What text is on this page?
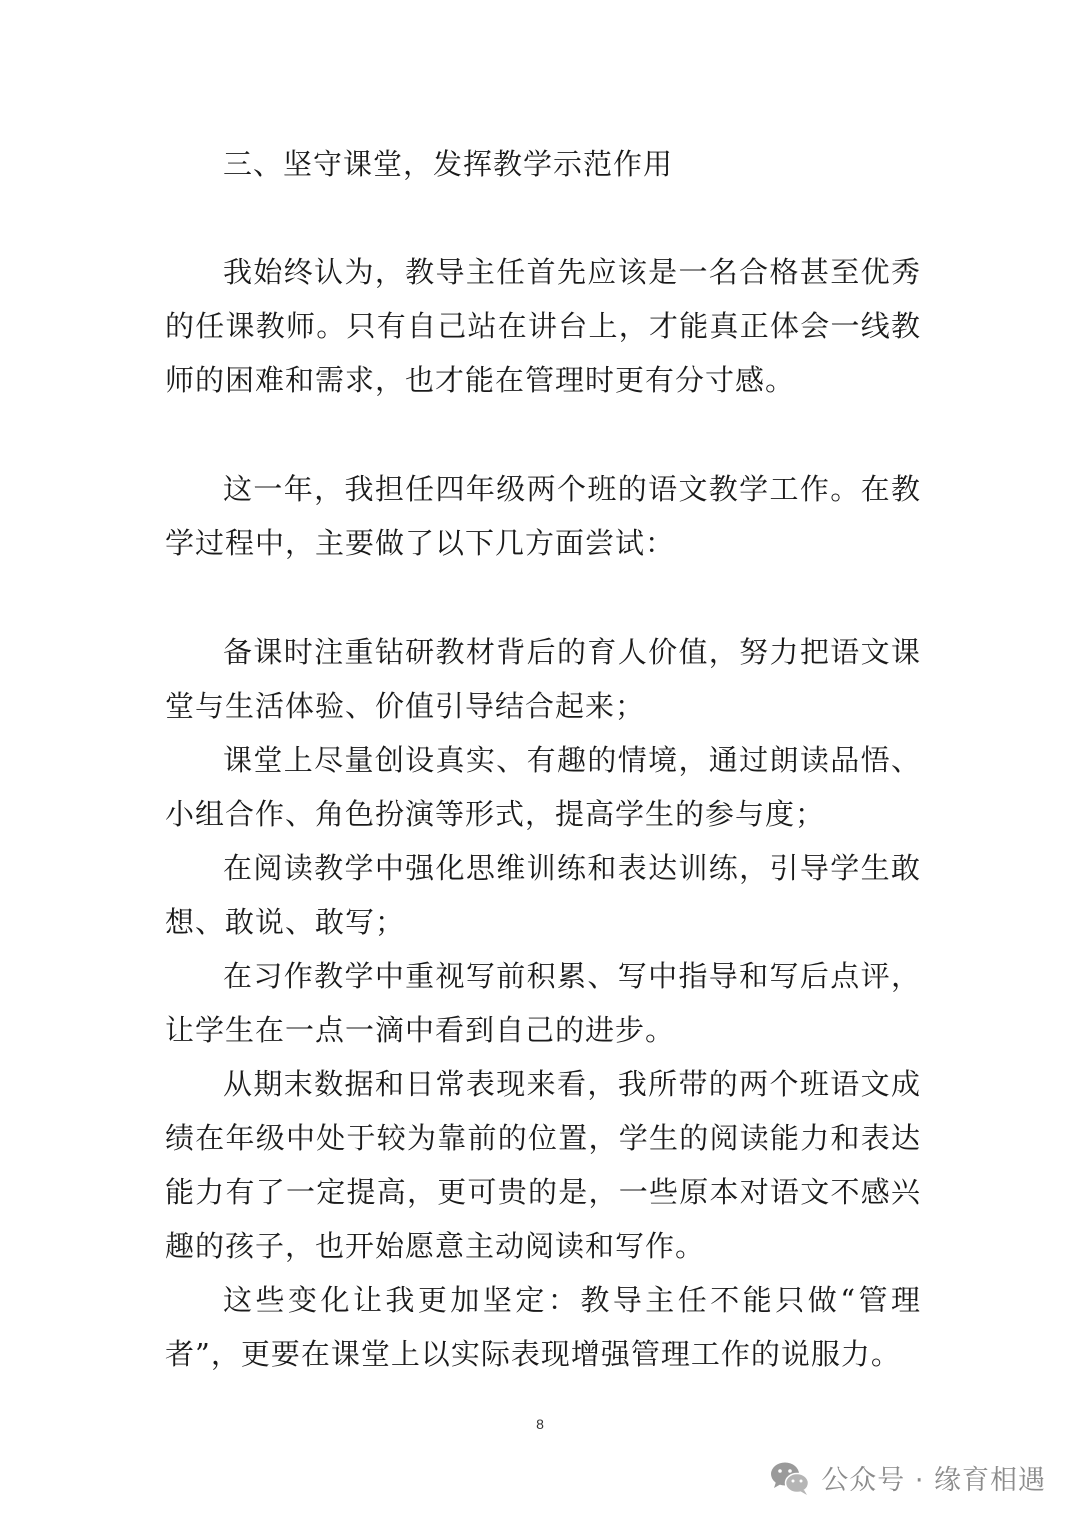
三、坚守课堂，发挥教学示范作用

我始终认为，教导主任首先应该是一名合格甚至优秀的任课教师。只有自己站在讲台上，才能真正体会一线教师的困难和需求，也才能在管理时更有分寸感。

这一年，我担任四年级两个班的语文教学工作。在教学过程中，主要做了以下几方面尝试：

备课时注重钻研教材背后的育人价值，努力把语文课堂与生活体验、价值引导结合起来；

课堂上尽量创设真实、有趣的情境，通过朗读品悟、小组合作、角色扮演等形式，提高学生的参与度；

在阅读教学中强化思维训练和表达训练，引导学生敢想、敢说、敢写；

在习作教学中重视写前积累、写中指导和写后点评，让学生在一点一滴中看到自己的进步。

从期末数据和日常表现来看，我所带的两个班语文成绩在年级中处于较为靠前的位置，学生的阅读能力和表达能力有了一定提高，更可贵的是，一些原本对语文不感兴趣的孩子，也开始愿意主动阅读和写作。

这些变化让我更加坚定：教导主任不能只做“管理者”，更要在课堂上以实际表现增强管理工作的说服力。

8
公众号 · 缘育相遇
